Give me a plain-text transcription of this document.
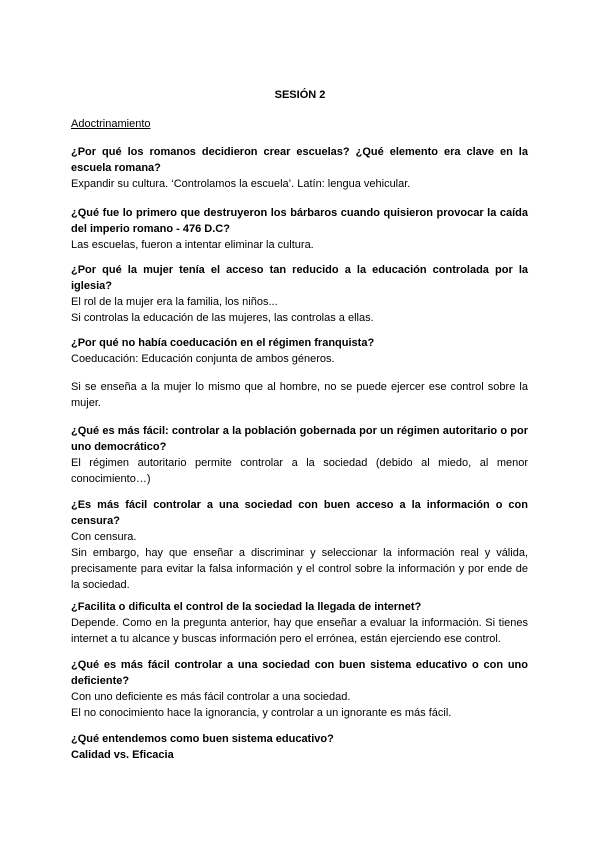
SESIÓN 2
Adoctrinamiento

¿Por qué los romanos decidieron crear escuelas? ¿Qué elemento era clave en la escuela romana?

Expandir su cultura. ‘Controlamos la escuela’. Latín: lengua vehicular.

¿Qué fue lo primero que destruyeron los bárbaros cuando quisieron provocar la caída del imperio romano - 476 D.C?

Las escuelas, fueron a intentar eliminar la cultura.

¿Por qué la mujer tenía el acceso tan reducido a la educación controlada por la iglesia?

El rol de la mujer era la familia, los niños...

Si controlas la educación de las mujeres, las controlas a ellas.

¿Por qué no había coeducación en el régimen franquista?

Coeducación: Educación conjunta de ambos géneros.

Si se enseña a la mujer lo mismo que al hombre, no se puede ejercer ese control sobre la mujer.

¿Qué es más fácil: controlar a la población gobernada por un régimen autoritario o por uno democrático?

El régimen autoritario permite controlar a la sociedad (debido al miedo, al menor conocimiento…)

¿Es más fácil controlar a una sociedad con buen acceso a la información o con censura?

Con censura.

Sin embargo, hay que enseñar a discriminar y seleccionar la información real y válida, precisamente para evitar la falsa información y el control sobre la información y por ende de la sociedad.

¿Facilita o dificulta el control de la sociedad la llegada de internet?

Depende. Como en la pregunta anterior, hay que enseñar a evaluar la información. Si tienes internet a tu alcance y buscas información pero el errónea, están ejerciendo ese control.

¿Qué es más fácil controlar a una sociedad con buen sistema educativo o con uno deficiente?

Con uno deficiente es más fácil controlar a una sociedad.

El no conocimiento hace la ignorancia, y controlar a un ignorante es más fácil.

¿Qué entendemos como buen sistema educativo?

Calidad vs. Eficacia
